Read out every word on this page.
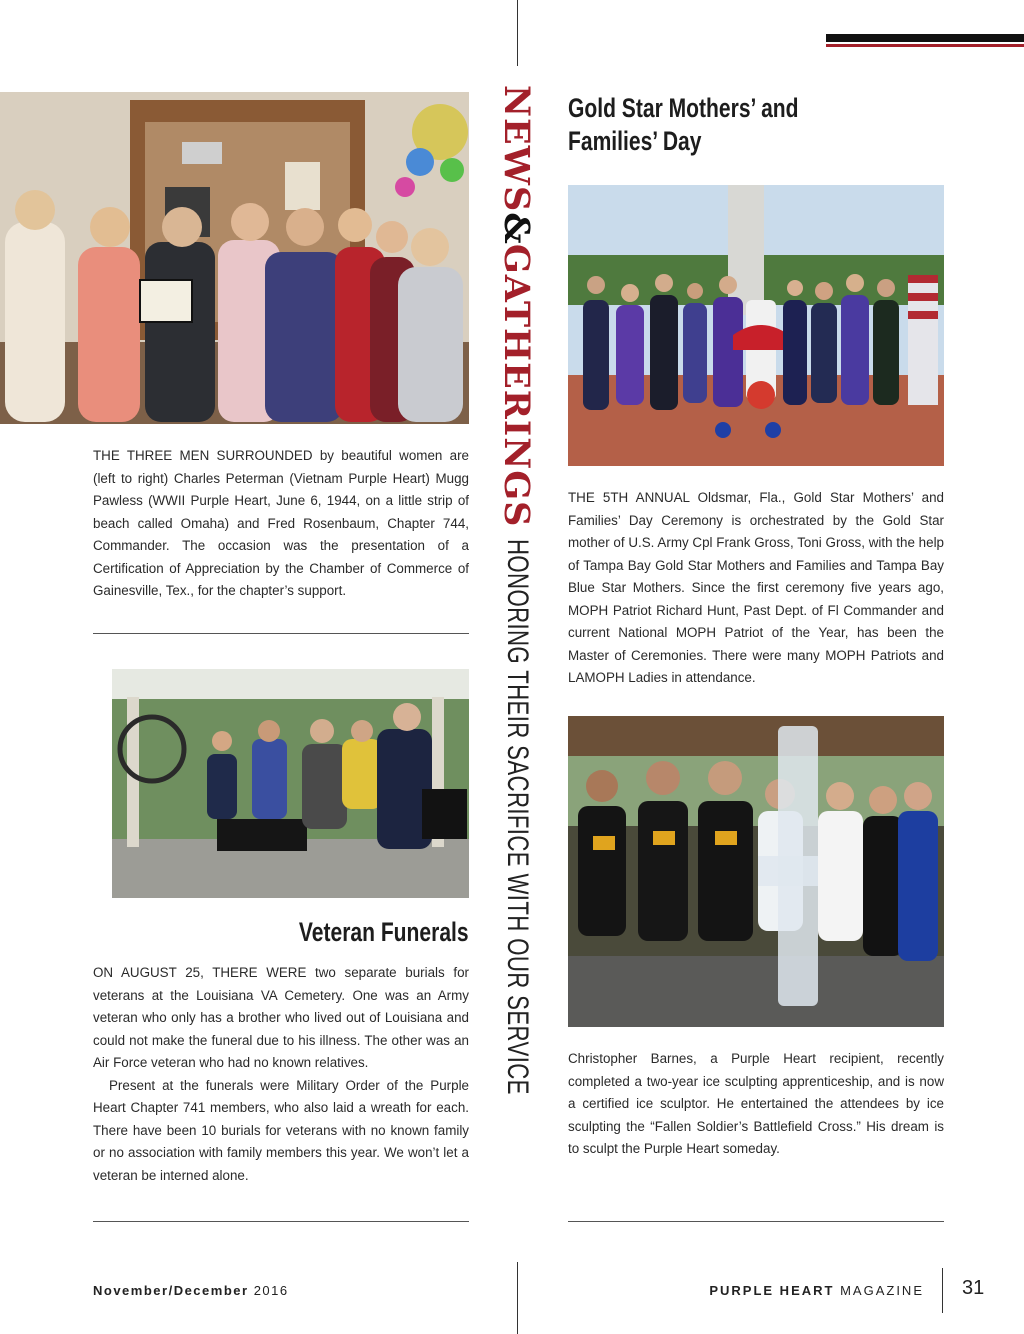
NEWS
&
GATHERINGS
HONORING THEIR SACRIFICE WITH OUR SERVICE

THE THREE MEN SURROUNDED by beautiful women are (left to right) Charles Peterman (Vietnam Purple Heart) Mugg Pawless (WWII Purple Heart, June 6, 1944, on a little strip of beach called Omaha) and Fred Rosenbaum, Chapter 744, Commander. The occasion was the presentation of a Certification of Appreciation by the Chamber of Commerce of Gainesville, Tex., for the chapter’s support.

Veteran Funerals

ON AUGUST 25, THERE WERE two separate burials for veterans at the Louisiana VA Cemetery. One was an Army veteran who only has a brother who lived out of Louisiana and could not make the funeral due to his illness. The other was an Air Force veteran who had no known relatives.

Present at the funerals were Military Order of the Purple Heart Chapter 741 members, who also laid a wreath for each. There have been 10 burials for veterans with no known family or no association with family members this year. We won’t let a veteran be interned alone.

Gold Star Mothers’ and
Families’ Day

THE 5TH ANNUAL Oldsmar, Fla., Gold Star Mothers’ and Families’ Day Ceremony is orchestrated by the Gold Star mother of U.S. Army Cpl Frank Gross, Toni Gross, with the help of Tampa Bay Gold Star Mothers and Families and Tampa Bay Blue Star Mothers. Since the first ceremony five years ago, MOPH Patriot Richard Hunt, Past Dept. of Fl Commander and current National MOPH Patriot of the Year, has been the Master of Ceremonies. There were many MOPH Patriots and LAMOPH Ladies in attendance.

Christopher Barnes, a Purple Heart recipient, recently completed a two-year ice sculpting apprenticeship, and is now a certified ice sculptor. He entertained the attendees by ice sculpting the “Fallen Soldier’s Battlefield Cross.” His dream is to sculpt the Purple Heart someday.

November/December 2016	PURPLE HEART MAGAZINE 31
